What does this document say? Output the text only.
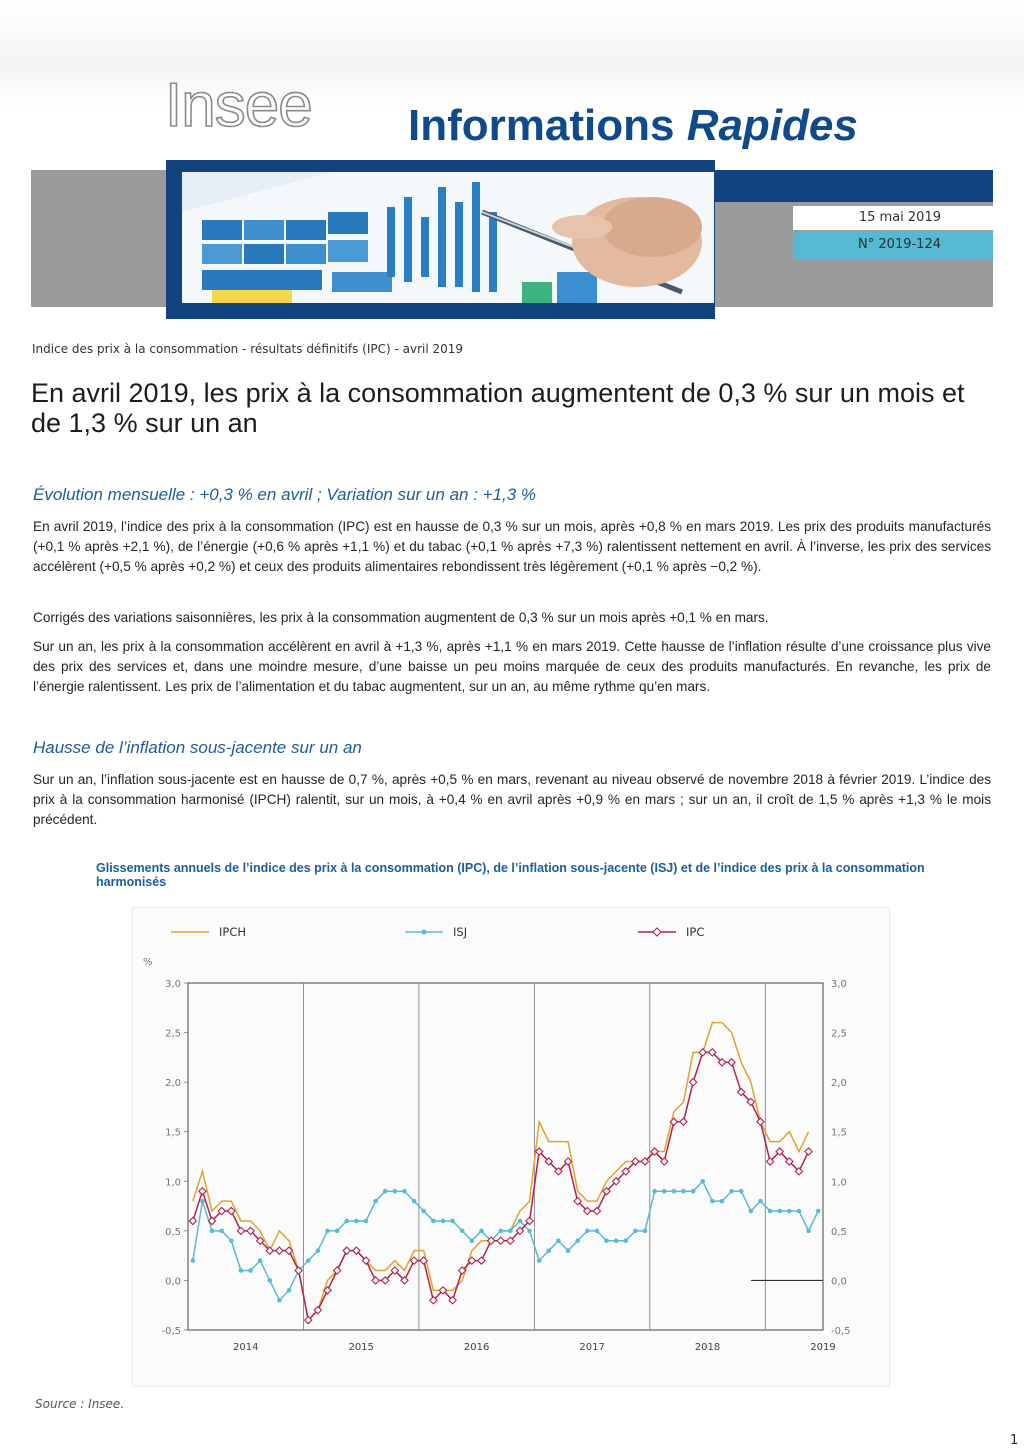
Insee Informations Rapides
15 mai 2019
N° 2019-124
Indice des prix à la consommation - résultats définitifs (IPC) - avril 2019
En avril 2019, les prix à la consommation augmentent de 0,3 % sur un mois et de 1,3 % sur un an
Évolution mensuelle : +0,3 % en avril ; Variation sur un an : +1,3 %
En avril 2019, l’indice des prix à la consommation (IPC) est en hausse de 0,3 % sur un mois, après +0,8 % en mars 2019. Les prix des produits manufacturés (+0,1 % après +2,1 %), de l’énergie (+0,6 % après +1,1 %) et du tabac (+0,1 % après +7,3 %) ralentissent nettement en avril. À l’inverse, les prix des services accélèrent (+0,5 % après +0,2 %) et ceux des produits alimentaires rebondissent très légèrement (+0,1 % après −0,2 %).
Corrigés des variations saisonnières, les prix à la consommation augmentent de 0,3 % sur un mois après +0,1 % en mars.
Sur un an, les prix à la consommation accélèrent en avril à +1,3 %, après +1,1 % en mars 2019. Cette hausse de l’inflation résulte d’une croissance plus vive des prix des services et, dans une moindre mesure, d’une baisse un peu moins marquée de ceux des produits manufacturés. En revanche, les prix de l’énergie ralentissent. Les prix de l’alimentation et du tabac augmentent, sur un an, au même rythme qu’en mars.
Hausse de l’inflation sous-jacente sur un an
Sur un an, l’inflation sous-jacente est en hausse de 0,7 %, après +0,5 % en mars, revenant au niveau observé de novembre 2018 à février 2019. L’indice des prix à la consommation harmonisé (IPCH) ralentit, sur un mois, à +0,4 % en avril après +0,9 % en mars ; sur un an, il croît de 1,5 % après +1,3 % le mois précédent.
Glissements annuels de l’indice des prix à la consommation (IPC), de l’inflation sous-jacente (ISJ) et de l’indice des prix à la consommation harmonisés
3,0	3,0
2,5	2,5
2,0	2,0
1,5	1,5
1,0	1,0
0,5	0,5
0,0	0,0
-0,5	-0,5
%
2014	2015	2016	2017	2018	2019
IPCH	ISJ	IPC
Source : Insee.
1
